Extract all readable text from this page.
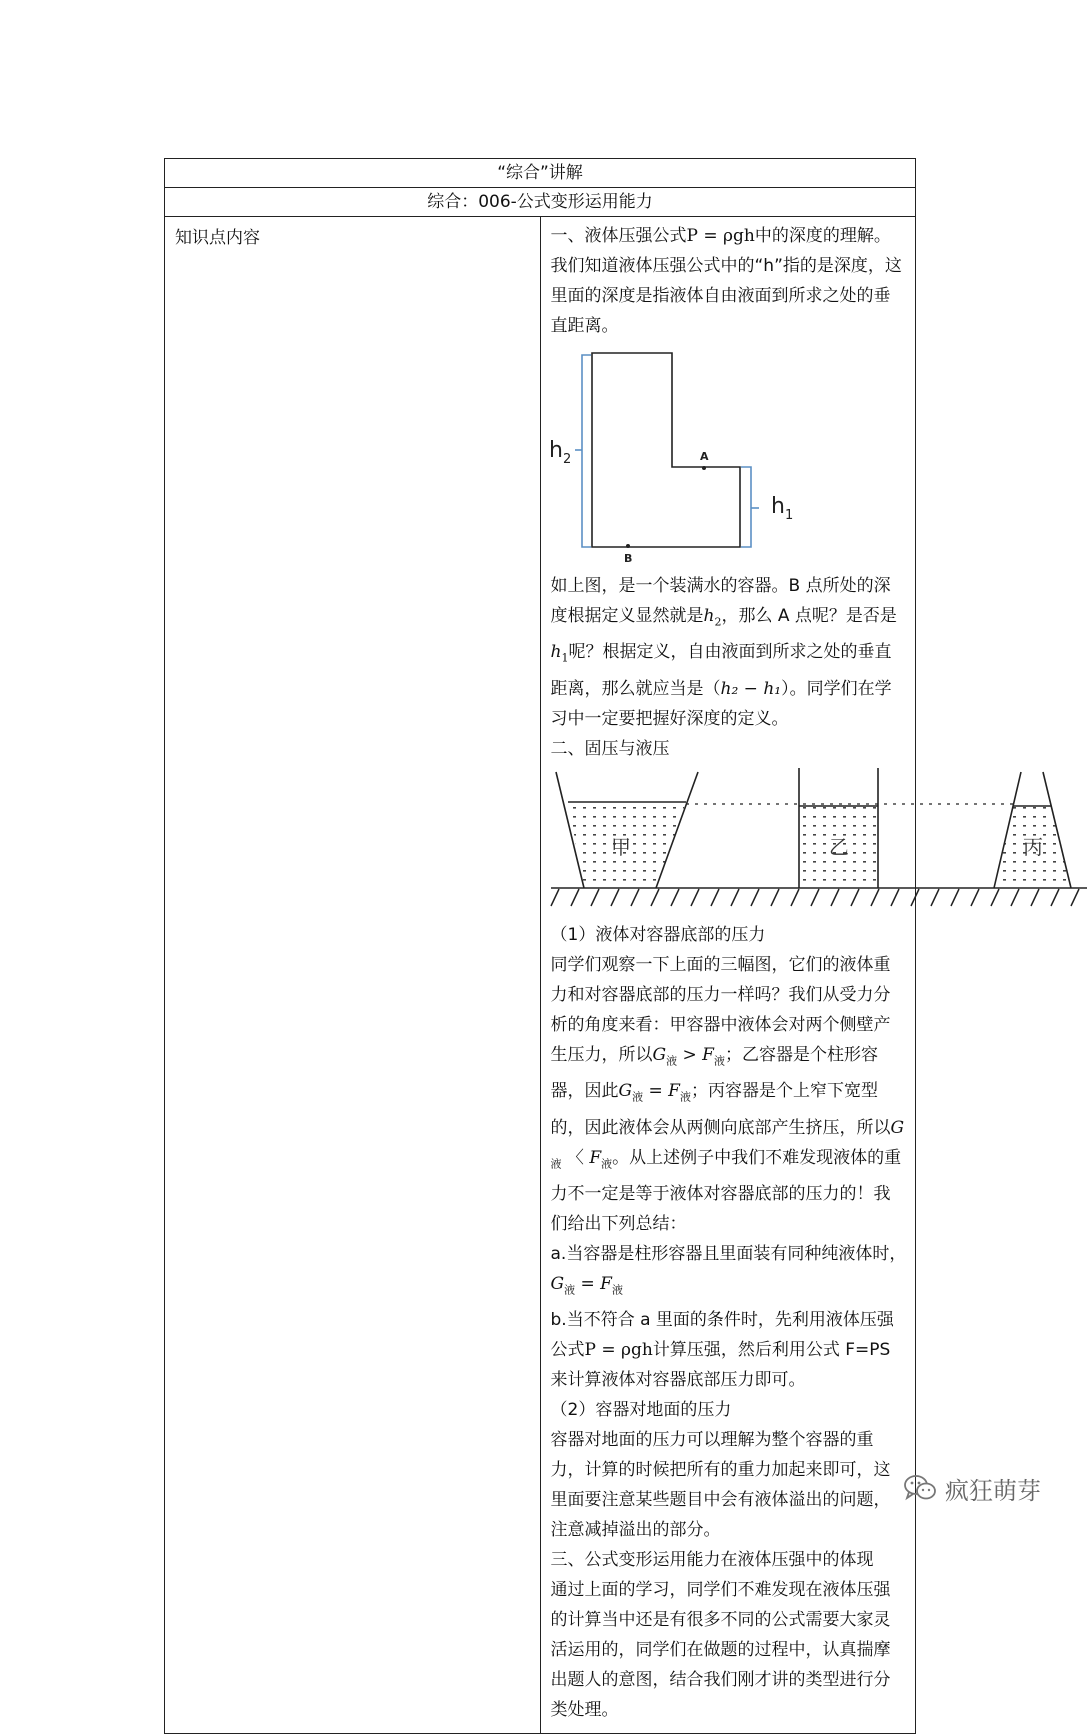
“综合”讲解
综合：006-公式变形运用能力
知识点内容	一、液体压强公式P = ρgh中的深度的理解。

我们知道液体压强公式中的“h”指的是深度，这里面的深度是指液体自由液面到所求之处的垂直距离。

$h_2$
$h_1$
A
B

如上图，是一个装满水的容器。B 点所处的深度根据定义显然就是$h_2$，那么 A 点呢？是否是$h_1$呢？根据定义，自由液面到所求之处的垂直距离，那么就应当是（h₂ − h₁）。同学们在学习中一定要把握好深度的定义。

二、固压与液压

甲	乙	丙

（1）液体对容器底部的压力

同学们观察一下上面的三幅图，它们的液体重力和对容器底部的压力一样吗？我们从受力分析的角度来看：甲容器中液体会对两个侧壁产生压力，所以$G_液 > F_液$；乙容器是个柱形容器，因此$G_液 = F_液$；丙容器是个上窄下宽型的，因此液体会从两侧向底部产生挤压，所以$G_液$ 〈 $F_液$。从上述例子中我们不难发现液体的重力不一定是等于液体对容器底部的压力的！我们给出下列总结：

a.当容器是柱形容器且里面装有同种纯液体时，$G_液 = F_液$

b.当不符合 a 里面的条件时，先利用液体压强公式P = ρgh计算压强，然后利用公式 F=PS 来计算液体对容器底部压力即可。

（2）容器对地面的压力

容器对地面的压力可以理解为整个容器的重力，计算的时候把所有的重力加起来即可，这里面要注意某些题目中会有液体溢出的问题，注意减掉溢出的部分。

三、公式变形运用能力在液体压强中的体现

通过上面的学习，同学们不难发现在液体压强的计算当中还是有很多不同的公式需要大家灵活运用的，同学们在做题的过程中，认真揣摩出题人的意图，结合我们刚才讲的类型进行分类处理。

疯狂萌芽
